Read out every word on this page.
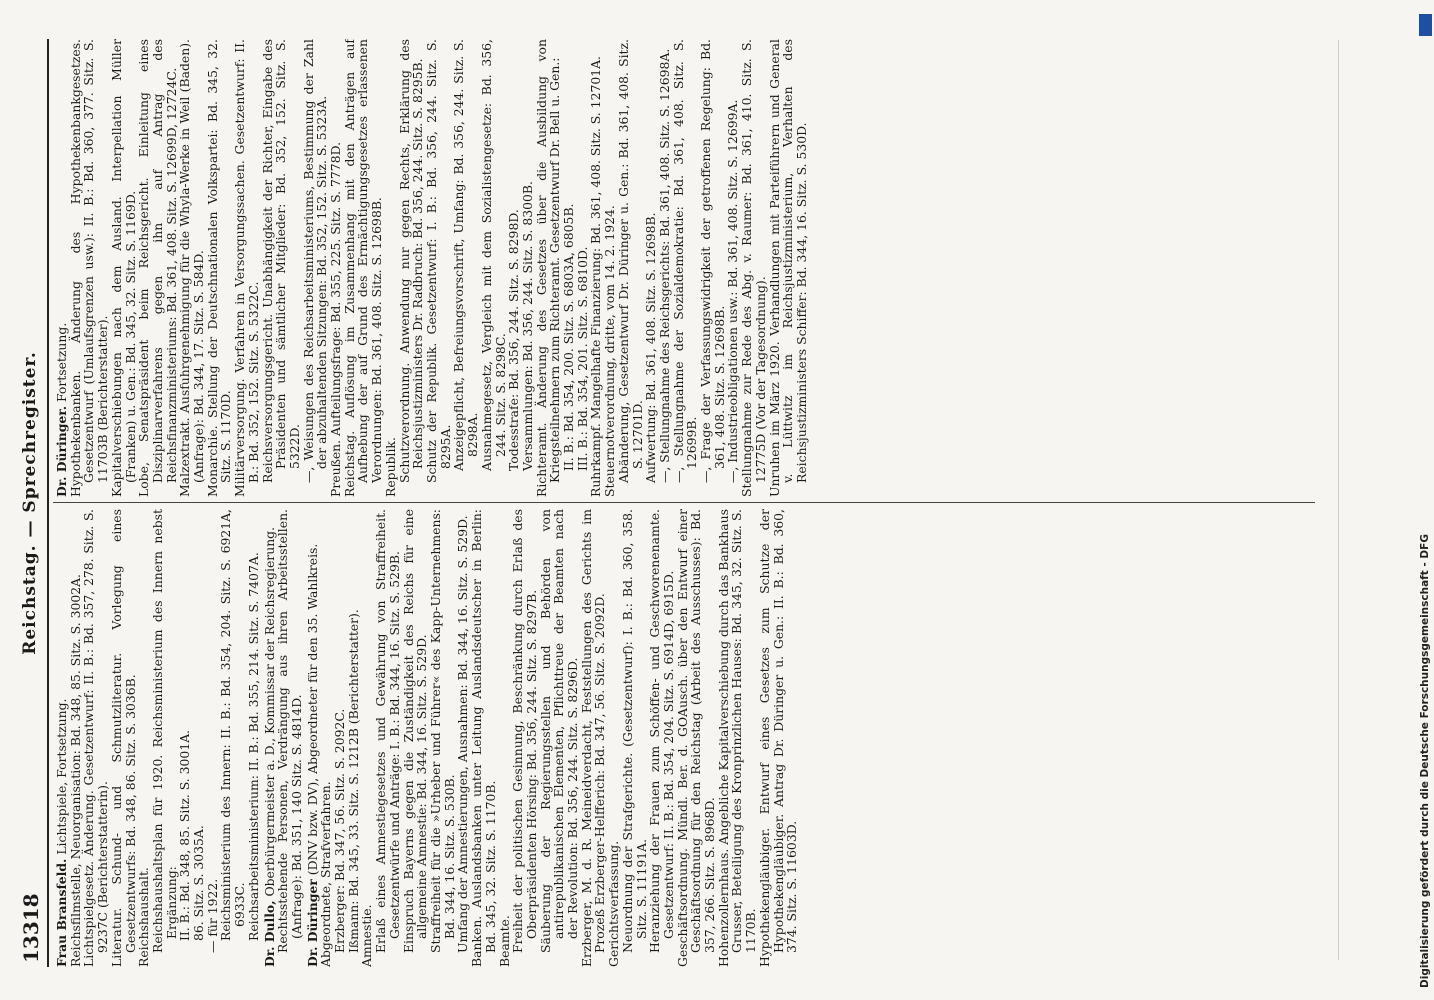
13318
Reichstag. — Sprechregister.

Frau Bransfeld. Lichtspiele, Fortsetzung.

Reichsfilmstelle, Neuorganisation: Bd. 348, 85. Sitz. S. 3002A.

Lichtspielgesetz. Änderung. Gesetzentwurf: II. B.: Bd. 357, 278. Sitz. S. 9237C (Berichterstatterin).

Literatur. Schund- und Schmutzliteratur. Vorlegung eines Gesetzentwurfs: Bd. 348, 86. Sitz. S. 3036B.

Reichshaushalt.

Reichshaushaltsplan für 1920. Reichsministerium des Innern nebst Ergänzung:

II. B.: Bd. 348, 85. Sitz. S. 3001A.

86. Sitz. S. 3035A.

— für 1922.

Reichsministerium des Innern: II. B.: Bd. 354, 204. Sitz. S. 6921A, 6933C.

Reichsarbeitsministerium: II. B.: Bd. 355, 214. Sitz. S. 7407A. Dr. Dullo, Oberbürgermeister a. D., Kommissar der Reichsregierung.

Rechtsstehende Personen, Verdrängung aus ihren Arbeitsstellen. (Anfrage): Bd. 351, 140 Sitz. S. 4814D. Dr. Düringer (DNV bzw. DV), Abgeordneter für den 35. Wahlkreis.

Abgeordnete, Strafverfahren.

Erzberger: Bd. 347, 56. Sitz. S. 2092C.

Ißmann: Bd. 345, 33. Sitz. S. 1212B (Berichterstatter).

Amnestie.

Erlaß eines Amnestiegesetzes und Gewährung von Straffreiheit. Gesetzentwürfe und Anträge: I. B.: Bd. 344, 16. Sitz. S. 529B.

Einspruch Bayerns gegen die Zuständigkeit des Reichs für eine allgemeine Amnestie: Bd. 344, 16. Sitz. S. 529D.

Straffreiheit für die »Urheber und Führer« des Kapp-Unternehmens: Bd. 344, 16. Sitz. S. 530B.

Umfang der Amnestierungen, Ausnahmen: Bd. 344, 16. Sitz. S. 529D.

Banken. Auslandsbanken unter Leitung Auslandsdeutscher in Berlin: Bd. 345, 32. Sitz. S. 1170B.

Beamte.

Freiheit der politischen Gesinnung, Beschränkung durch Erlaß des Oberpräsidenten Hörsing: Bd. 356, 244. Sitz. S. 8297B.

Säuberung der Regierungsstellen und Behörden von antirepublikanischen Elementen, Pflichttreue der Beamten nach der Revolution: Bd. 356, 244. Sitz. S. 8296D.

Erzberger, M. d. R. Meineidverdacht, Feststellungen des Gerichts im Prozeß Erzberger-Helfferich: Bd. 347, 56. Sitz. S. 2092D.

Gerichtsverfassung.

Neuordnung der Strafgerichte. (Gesetzentwurf): I. B.: Bd. 360, 358. Sitz. S. 11191A.

Heranziehung der Frauen zum Schöffen- und Geschworenenamte. Gesetzentwurf: II. B.: Bd. 354, 204. Sitz. S. 6914D, 6915D.

Geschäftsordnung. Mündl. Ber. d. GOAusch. über den Entwurf einer Geschäftsordnung für den Reichstag (Arbeit des Ausschusses): Bd. 357, 266. Sitz. S. 8968D.

Hohenzollernhaus. Angebliche Kapitalverschiebung durch das Bankhaus Grusser, Beteiligung des Kronprinzlichen Hauses: Bd. 345, 32. Sitz. S. 1170B.

Hypothekengläubiger. Entwurf eines Gesetzes zum Schutze der Hypothekengläubiger. Antrag Dr. Düringer u. Gen.: II. B.: Bd. 360, 374. Sitz. S. 11603D.

Dr. Düringer. Fortsetzung.

Hypothekenbanken. Änderung des Hypothekenbankgesetzes. Gesetzentwurf (Umlaufsgrenzen usw.): II. B.: Bd. 360, 377. Sitz. S. 11703B (Berichterstatter).

Kapitalverschiebungen nach dem Ausland. Interpellation Müller (Franken) u. Gen.: Bd. 345, 32. Sitz. S. 1169D.

Lobe, Senatspräsident beim Reichsgericht. Einleitung eines Disziplinarverfahrens gegen ihn auf Antrag des Reichsfinanzministeriums: Bd. 361, 408. Sitz. S. 12699D, 12724C.

Malzextrakt. Ausfuhrgenehmigung für die Whyla-Werke in Weil (Baden). (Anfrage): Bd. 344, 17. Sitz. S. 584D.

Monarchie. Stellung der Deutschnationalen Volkspartei: Bd. 345, 32. Sitz. S. 1170D.

Militärversorgung. Verfahren in Versorgungssachen. Gesetzentwurf: II. B.: Bd. 352, 152. Sitz. S. 5322C.

Reichsversorgungsgericht. Unabhängigkeit der Richter, Eingabe des Präsidenten und sämtlicher Mitglieder: Bd. 352, 152. Sitz. S. 5322D.

—, Weisungen des Reichsarbeitsministeriums, Bestimmung der Zahl der abzuhaltenden Sitzungen: Bd. 352, 152. Sitz. S. 5323A.

Preußen. Aufteilungsfrage: Bd. 355, 225. Sitz. S. 7778D.

Reichstag. Auflösung im Zusammenhang mit den Anträgen auf Aufhebung der auf Grund des Ermächtigungsgesetzes erlassenen Verordnungen: Bd. 361, 408. Sitz. S. 12698B.

Republik.

Schutzverordnung. Anwendung nur gegen Rechts, Erklärung des Reichsjustizministers Dr. Radbruch: Bd. 356, 244. Sitz. S. 8295B.

Schutz der Republik. Gesetzentwurf: I. B.: Bd. 356, 244. Sitz. S. 8295A.

Anzeigepflicht, Befreiungsvorschrift, Umfang: Bd. 356, 244. Sitz. S. 8298A.

Ausnahmegesetz, Vergleich mit dem Sozialistengesetze: Bd. 356, 244. Sitz. S. 8298C.

Todesstrafe: Bd. 356, 244. Sitz. S. 8298D.

Versammlungen: Bd. 356, 244. Sitz. S. 8300B.

Richteramt. Änderung des Gesetzes über die Ausbildung von Kriegsteilnehmern zum Richteramt. Gesetzentwurf Dr. Bell u. Gen.:

II. B.: Bd. 354, 200. Sitz. S. 6803A, 6805B.

III. B.: Bd. 354, 201. Sitz. S. 6810D.

Ruhrkampf. Mangelhafte Finanzierung: Bd. 361, 408. Sitz. S. 12701A.

Steuernotverordnung, dritte, vom 14. 2. 1924.

Abänderung, Gesetzentwurf Dr. Düringer u. Gen.: Bd. 361, 408. Sitz. S. 12701D.

Aufwertung: Bd. 361, 408. Sitz. S. 12698B.

—, Stellungnahme des Reichsgerichts: Bd. 361, 408. Sitz. S. 12698A.

—, Stellungnahme der Sozialdemokratie: Bd. 361, 408. Sitz. S. 12699B.

—, Frage der Verfassungswidrigkeit der getroffenen Regelung: Bd. 361, 408. Sitz. S. 12698B.

—, Industrieobligationen usw.: Bd. 361, 408. Sitz. S. 12699A.

Stellungnahme zur Rede des Abg. v. Raumer: Bd. 361, 410. Sitz. S. 12775D (Vor der Tagesordnung).

Unruhen im März 1920. Verhandlungen mit Parteiführern und General v. Lüttwitz im Reichsjustizministerium, Verhalten des Reichsjustizministers Schiffer: Bd. 344, 16. Sitz. S. 530D.

Digitalisierung gefördert durch die Deutsche Forschungsgemeinschaft - DFG
